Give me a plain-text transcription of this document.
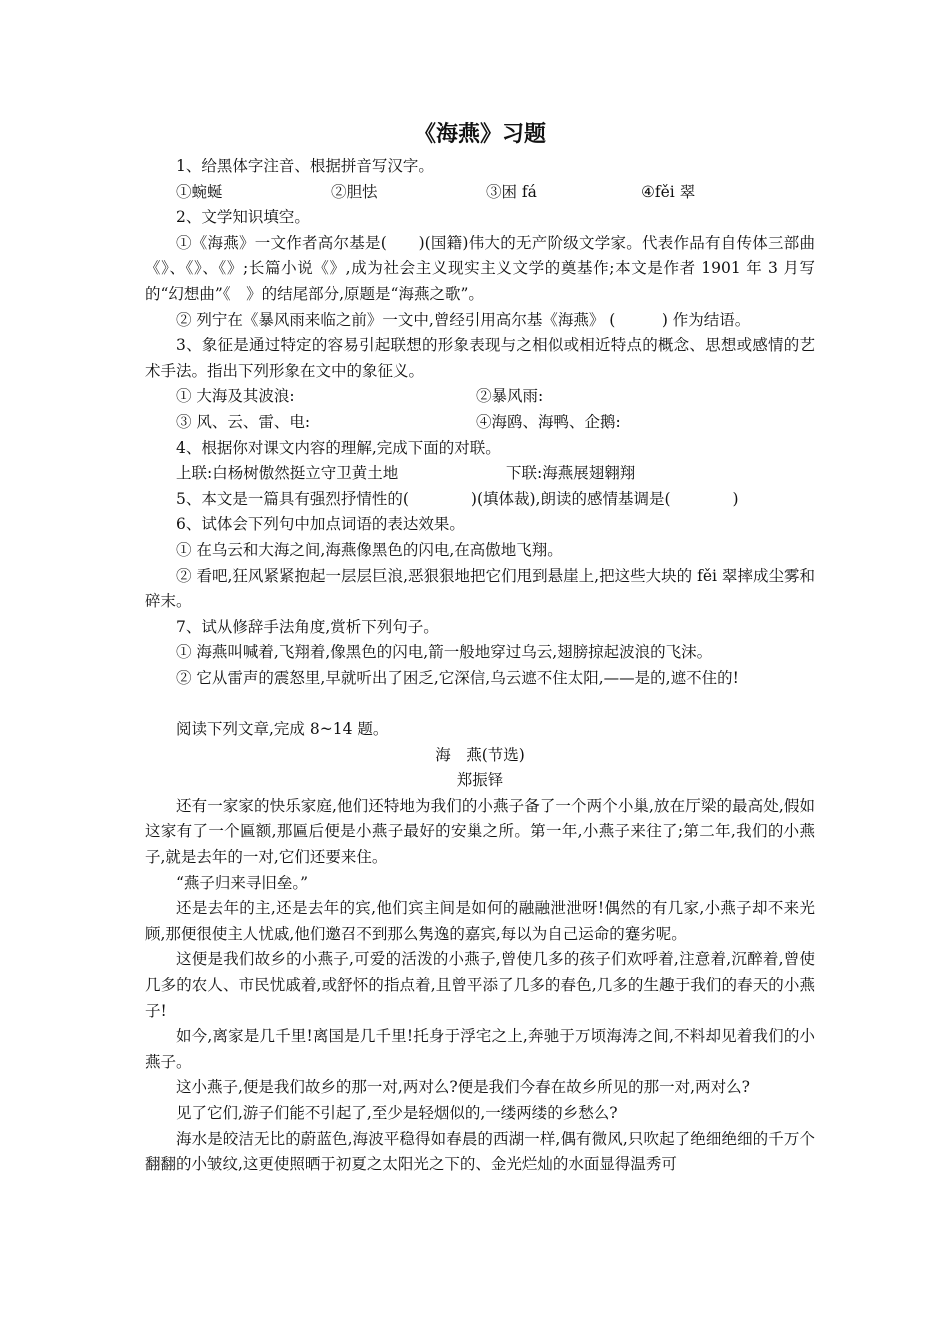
《海燕》习题

1、给黑体字注音、根据拼音写汉字。

①蜿蜒	②胆怯	③困 fá	④fěi 翠

2、文学知识填空。

①《海燕》一文作者高尔基是(　　)(国籍)伟大的无产阶级文学家。代表作品有自传体三部曲《》、《》、《》;长篇小说《》,成为社会主义现实主义文学的奠基作;本文是作者 1901 年 3 月写的“幻想曲”《　》的结尾部分,原题是“海燕之歌”。

② 列宁在《暴风雨来临之前》一文中,曾经引用高尔基《海燕》 (　　　) 作为结语。

3、象征是通过特定的容易引起联想的形象表现与之相似或相近特点的概念、思想或感情的艺术手法。指出下列形象在文中的象征义。

① 大海及其波浪:	②暴风雨:
③ 风、云、雷、电:	④海鸥、海鸭、企鹅:

4、根据你对课文内容的理解,完成下面的对联。

上联:白杨树傲然挺立守卫黄土地	下联:海燕展翅翱翔

5、本文是一篇具有强烈抒情性的(　　　　)(填体裁),朗读的感情基调是(　　　　)

6、试体会下列句中加点词语的表达效果。

① 在乌云和大海之间,海燕像黑色的闪电,在高傲地飞翔。

② 看吧,狂风紧紧抱起一层层巨浪,恶狠狠地把它们甩到悬崖上,把这些大块的 fěi 翠摔成尘雾和碎末。

7、试从修辞手法角度,赏析下列句子。

① 海燕叫喊着,飞翔着,像黑色的闪电,箭一般地穿过乌云,翅膀掠起波浪的飞沫。

② 它从雷声的震怒里,早就听出了困乏,它深信,乌云遮不住太阳,——是的,遮不住的!

阅读下列文章,完成 8~14 题。

海　燕(节选)

郑振铎

还有一家家的快乐家庭,他们还特地为我们的小燕子备了一个两个小巢,放在厅梁的最高处,假如这家有了一个匾额,那匾后便是小燕子最好的安巢之所。第一年,小燕子来往了;第二年,我们的小燕子,就是去年的一对,它们还要来住。

“燕子归来寻旧垒。”

还是去年的主,还是去年的宾,他们宾主间是如何的融融泄泄呀!偶然的有几家,小燕子却不来光顾,那便很使主人忧戚,他们邀召不到那么隽逸的嘉宾,每以为自己运命的蹇劣呢。

这便是我们故乡的小燕子,可爱的活泼的小燕子,曾使几多的孩子们欢呼着,注意着,沉醉着,曾使几多的农人、市民忧戚着,或舒怀的指点着,且曾平添了几多的春色,几多的生趣于我们的春天的小燕子!

如今,离家是几千里!离国是几千里!托身于浮宅之上,奔驰于万顷海涛之间,不料却见着我们的小燕子。

这小燕子,便是我们故乡的那一对,两对么?便是我们今春在故乡所见的那一对,两对么?

见了它们,游子们能不引起了,至少是轻烟似的,一缕两缕的乡愁么?

海水是皎洁无比的蔚蓝色,海波平稳得如春晨的西湖一样,偶有微风,只吹起了绝细绝细的千万个翻翻的小皱纹,这更使照晒于初夏之太阳光之下的、金光烂灿的水面显得温秀可
